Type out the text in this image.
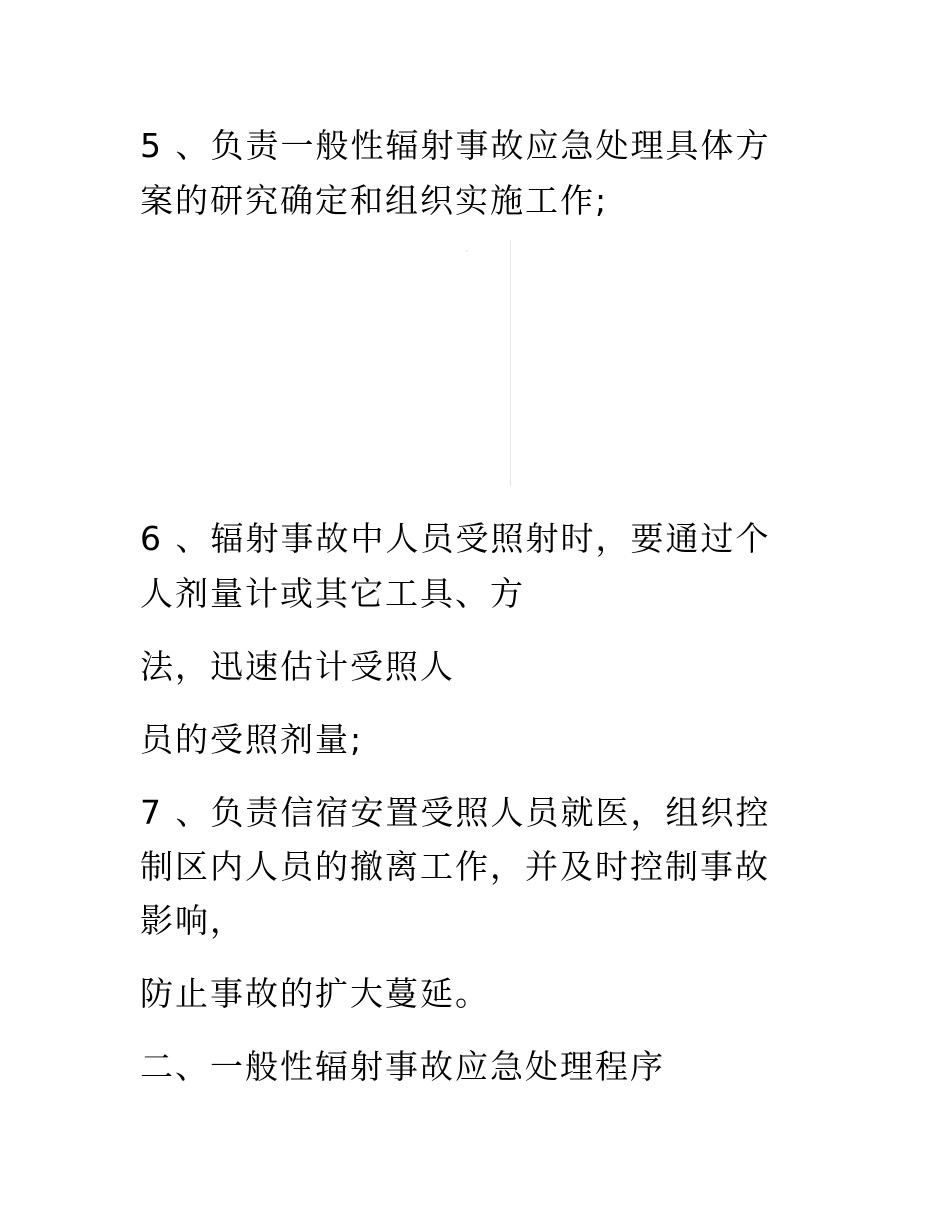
5 、负责一般性辐射事故应急处理具体方
案的研究确定和组织实施工作;
6 、辐射事故中人员受照射时，要通过个
人剂量计或其它工具、方
法，迅速估计受照人
员的受照剂量;
7 、负责信宿安置受照人员就医，组织控
制区内人员的撤离工作，并及时控制事故
影响，
防止事故的扩大蔓延。
二、一般性辐射事故应急处理程序
